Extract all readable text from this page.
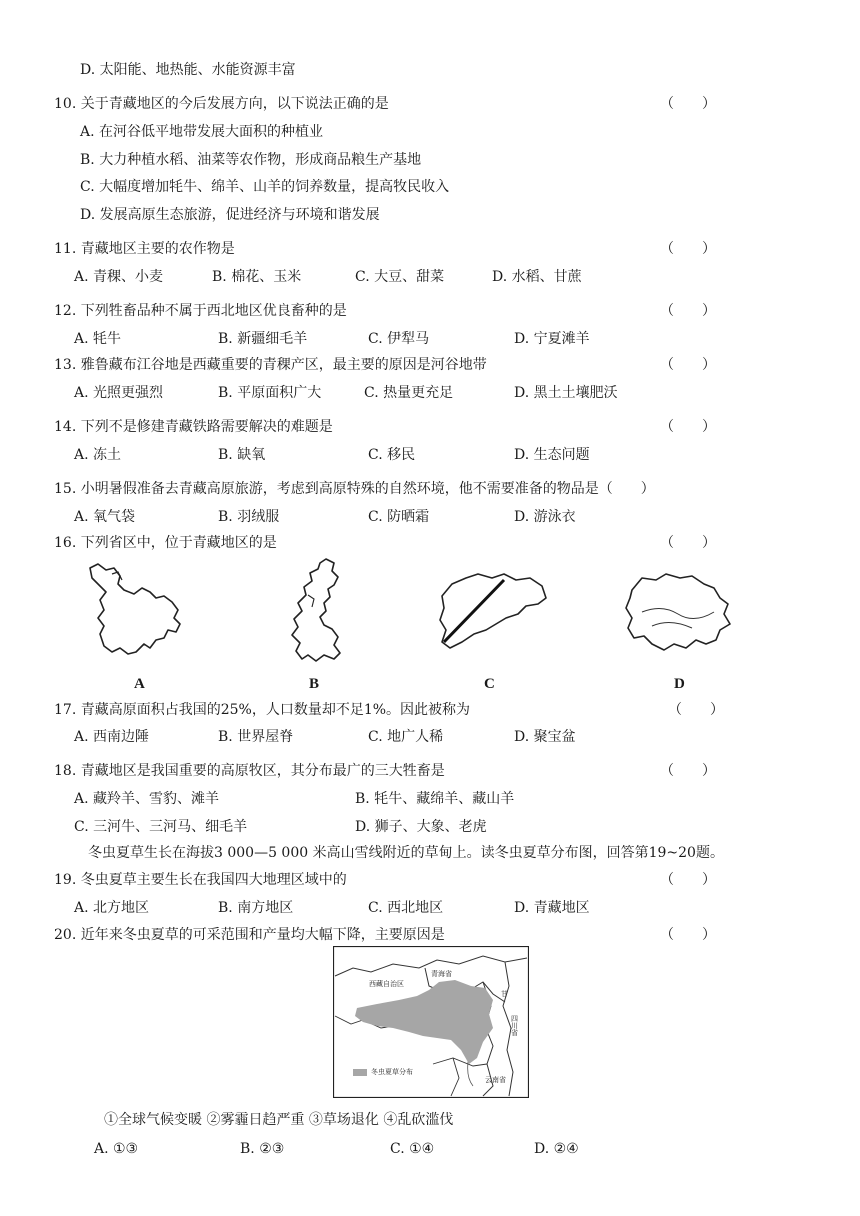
D. 太阳能、地热能、水能资源丰富
10. 关于青藏地区的今后发展方向，以下说法正确的是	（　　）
A. 在河谷低平地带发展大面积的种植业
B. 大力种植水稻、油菜等农作物，形成商品粮生产基地
C. 大幅度增加牦牛、绵羊、山羊的饲养数量，提高牧民收入
D. 发展高原生态旅游，促进经济与环境和谐发展
11. 青藏地区主要的农作物是	（　　）
A. 青稞、小麦	B. 棉花、玉米	C. 大豆、甜菜	D. 水稻、甘蔗
12. 下列牲畜品种不属于西北地区优良畜种的是	（　　）
A. 牦牛	B. 新疆细毛羊	C. 伊犁马	D. 宁夏滩羊
13. 雅鲁藏布江谷地是西藏重要的青稞产区，最主要的原因是河谷地带	（　　）
A. 光照更强烈	B. 平原面积广大	C. 热量更充足	D. 黑土土壤肥沃
14. 下列不是修建青藏铁路需要解决的难题是	（　　）
A. 冻土	B. 缺氧	C. 移民	D. 生态问题
15. 小明暑假准备去青藏高原旅游，考虑到高原特殊的自然环境，他不需要准备的物品是（　　）
A. 氧气袋	B. 羽绒服	C. 防晒霜	D. 游泳衣
16. 下列省区中，位于青藏地区的是	（　　）
A	B	C	D
17. 青藏高原面积占我国的25%，人口数量却不足1%。因此被称为	（　　）
A. 西南边陲	B. 世界屋脊	C. 地广人稀	D. 聚宝盆
18. 青藏地区是我国重要的高原牧区，其分布最广的三大牲畜是	（　　）
A. 藏羚羊、雪豹、滩羊	B. 牦牛、藏绵羊、藏山羊
C. 三河牛、三河马、细毛羊	D. 狮子、大象、老虎
冬虫夏草生长在海拔3 000—5 000 米高山雪线附近的草甸上。读冬虫夏草分布图，回答第19~20题。
19. 冬虫夏草主要生长在我国四大地理区域中的	（　　）
A. 北方地区	B. 南方地区	C. 西北地区	D. 青藏地区
20. 近年来冬虫夏草的可采范围和产量均大幅下降，主要原因是	（　　）
西藏自治区
青海省
甘
四川省
云南省
冬虫夏草分布
①全球气候变暖 ②雾霾日趋严重 ③草场退化 ④乱砍滥伐
A. ①③	B. ②③	C. ①④	D. ②④
